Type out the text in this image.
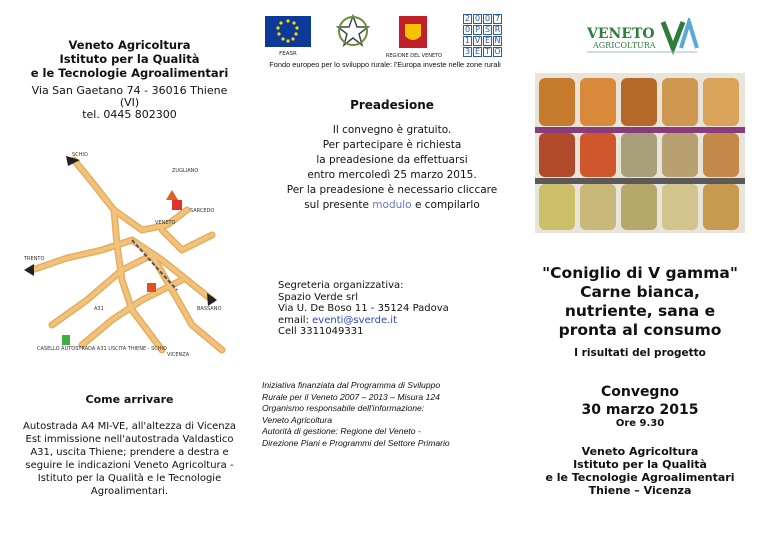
Veneto Agricoltura
Istituto per la Qualità
e le Tecnologie Agroalimentari
Via San Gaetano 74 - 36016 Thiene (VI)
tel. 0445 802300
SCHIO
ZUGLIANO
SARCEDO
VENETO
TRENTO
BASSANO
VICENZA
CASELLO AUTOSTRADA A31 USCITA THIENE - SCHIO
A31
Come arrivare
Autostrada A4 MI-VE, all'altezza di Vicenza Est immissione nell'autostrada Valdastico A31, uscita Thiene; prendere a destra e seguire le indicazioni Veneto Agricoltura - Istituto per la Qualità e le Tecnologie Agroalimentari.
FEASR	REGIONE DEL VENETO
2 0 0 7
0 P S R
1 V E N
3 E T O
Fondo europeo per lo sviluppo rurale: l'Europa investe nelle zone rurali
Preadesione
Il convegno è gratuito.
Per partecipare è richiesta
la preadesione da effettuarsi
entro mercoledì 25 marzo 2015.
Per la preadesione è necessario cliccare
sul presente modulo e compilarlo
Segreteria organizzativa:
Spazio Verde srl
Via U. De Boso 11 - 35124 Padova
email: eventi@sverde.it
Cell 3311049331
Iniziativa finanziata dal Programma di Sviluppo
Rurale per il Veneto 2007 – 2013 – Misura 124
Organismo responsabile dell'informazione:
Veneto Agricoltura
Autorità di gestione: Regione del Veneto -
Direzione Piani e Programmi del Settore Primario
VENETO
AGRICOLTURA
"Coniglio di V gamma"
Carne bianca,
nutriente, sana e
pronta al consumo
I risultati del progetto
Convegno
30 marzo 2015
Ore 9.30
Veneto Agricoltura
Istituto per la Qualità
e le Tecnologie Agroalimentari
Thiene – Vicenza
